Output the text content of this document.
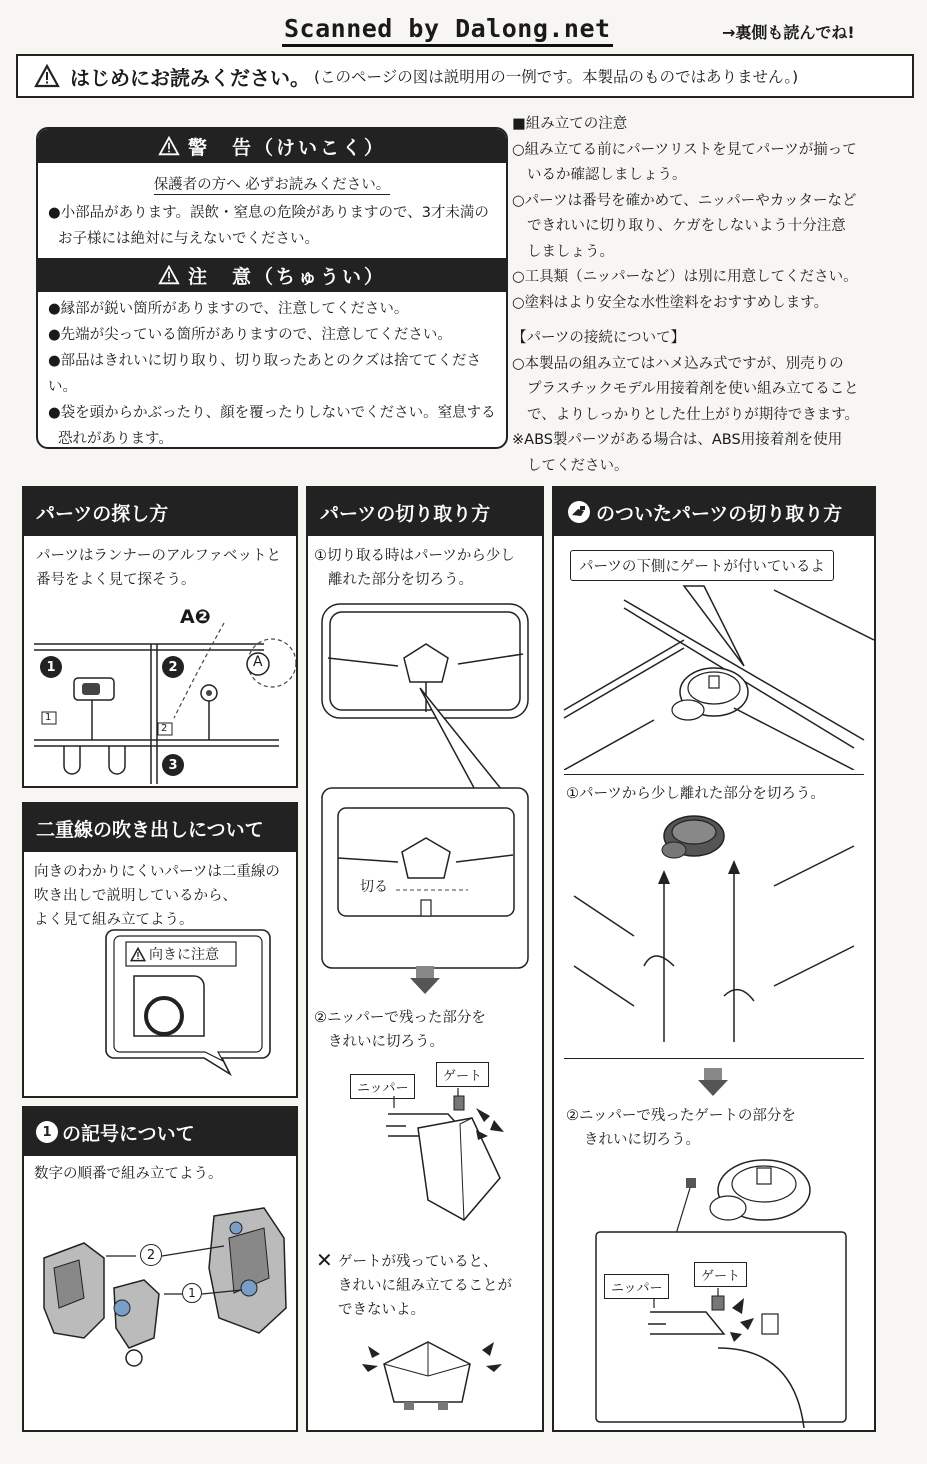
Scanned by Dalong.net	→裏側も読んでね!
はじめにお読みください。 (このページの図は説明用の一例です。本製品のものではありません。)
警　告（けいこく）
保護者の方へ 必ずお読みください。

●小部品があります。誤飲・窒息の危険がありますので、3才未満の

お子様には絶対に与えないでください。

注　意（ちゅうい）

●縁部が鋭い箇所がありますので、注意してください。

●先端が尖っている箇所がありますので、注意してください。

●部品はきれいに切り取り、切り取ったあとのクズは捨ててください。

●袋を頭からかぶったり、顔を覆ったりしないでください。窒息する

恐れがあります。

■組み立ての注意

○組み立てる前にパーツリストを見てパーツが揃って

いるか確認しましょう。

○パーツは番号を確かめて、ニッパーやカッターなど

できれいに切り取り、ケガをしないよう十分注意

しましょう。

○工具類（ニッパーなど）は別に用意してください。

○塗料はより安全な水性塗料をおすすめします。

【パーツの接続について】

○本製品の組み立てはハメ込み式ですが、別売りの

プラスチックモデル用接着剤を使い組み立てること

で、よりしっかりとした仕上がりが期待できます。

※ABS製パーツがある場合は、ABS用接着剤を使用

してください。

パーツの探し方

パーツはランナーのアルファベットと

番号をよく見て探そう。

A❷
A
1	2
3
1
2
二重線の吹き出しについて

向きのわかりにくいパーツは二重線の

吹き出しで説明しているから、

よく見て組み立てよう。

向きに注意
1 の記号について
数字の順番で組み立てよう。
2
1
パーツの切り取り方

①切り取る時はパーツから少し

離れた部分を切ろう。

切る

②ニッパーで残った部分を

きれいに切ろう。

ニッパー
ゲート
✕ ゲートが残っていると、

きれいに組み立てることが

できないよ。

のついたパーツの切り取り方
パーツの下側にゲートが付いているよ
①パーツから少し離れた部分を切ろう。

②ニッパーで残ったゲートの部分を

きれいに切ろう。

ニッパー
ゲート
